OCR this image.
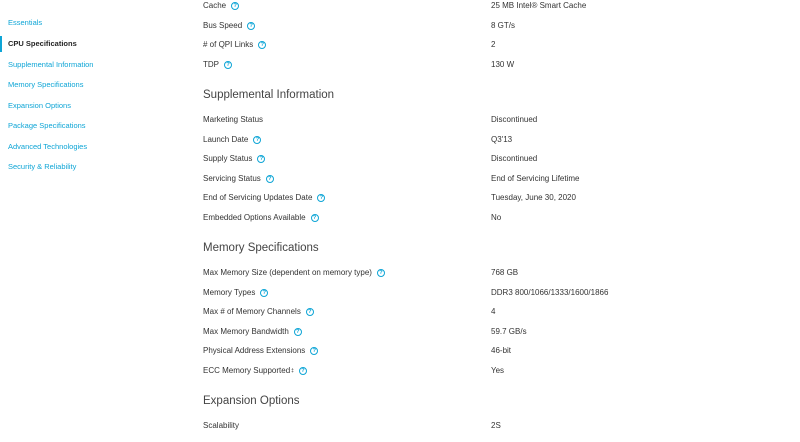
Essentials
CPU Specifications
Supplemental Information
Memory Specifications
Expansion Options
Package Specifications
Advanced Technologies
Security & Reliability
Cache	?	25 MB Intel® Smart Cache
Bus Speed	?	8 GT/s
# of QPI Links	?	2
TDP	?	130 W
Supplemental Information
Marketing Status	Discontinued
Launch Date	?	Q3'13
Supply Status	?	Discontinued
Servicing Status	?	End of Servicing Lifetime
End of Servicing Updates Date	?	Tuesday, June 30, 2020
Embedded Options Available	?	No
Memory Specifications
Max Memory Size (dependent on memory type)	?	768 GB
Memory Types	?	DDR3 800/1066/1333/1600/1866
Max # of Memory Channels	?	4
Max Memory Bandwidth	?	59.7 GB/s
Physical Address Extensions	?	46-bit
ECC Memory Supported ‡	?	Yes
Expansion Options
Scalability	2S
